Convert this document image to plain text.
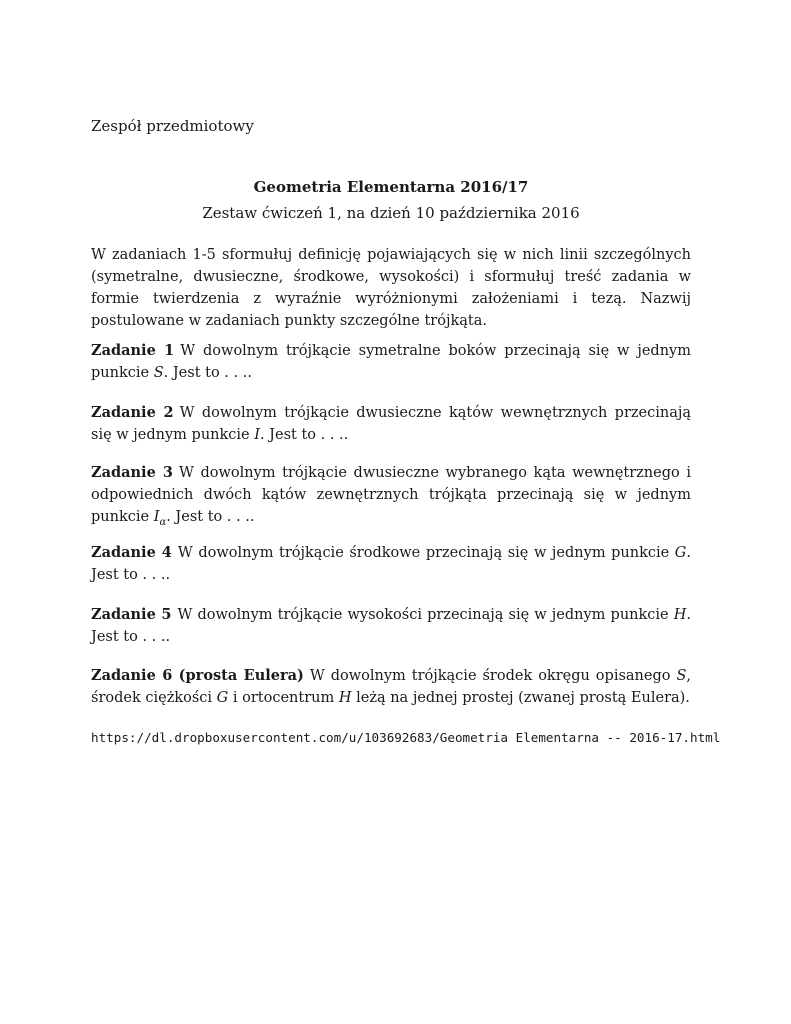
Zespół przedmiotowy
Geometria Elementarna 2016/17
Zestaw ćwiczeń 1, na dzień 10 października 2016
W zadaniach 1-5 sformułuj definicję pojawiających się w nich linii szczególnych (symetralne, dwusieczne, środkowe, wysokości) i sformułuj treść zadania w formie twierdzenia z wyraźnie wyróżnionymi założeniami i tezą. Nazwij postulowane w zadaniach punkty szczególne trójkąta.
Zadanie 1 W dowolnym trójkącie symetralne boków przecinają się w jednym punkcie S. Jest to . . ..
Zadanie 2 W dowolnym trójkącie dwusieczne kątów wewnętrznych przecinają się w jednym punkcie I. Jest to . . ..
Zadanie 3 W dowolnym trójkącie dwusieczne wybranego kąta wewnętrznego i odpowiednich dwóch kątów zewnętrznych trójkąta przecinają się w jednym punkcie $I_\alpha$. Jest to . . ..
Zadanie 4 W dowolnym trójkącie środkowe przecinają się w jednym punkcie G. Jest to . . ..
Zadanie 5 W dowolnym trójkącie wysokości przecinają się w jednym punkcie H. Jest to . . ..
Zadanie 6 (prosta Eulera) W dowolnym trójkącie środek okręgu opisanego S, środek ciężkości G i ortocentrum H leżą na jednej prostej (zwanej prostą Eulera).
https://dl.dropboxusercontent.com/u/103692683/Geometria Elementarna -- 2016-17.html
